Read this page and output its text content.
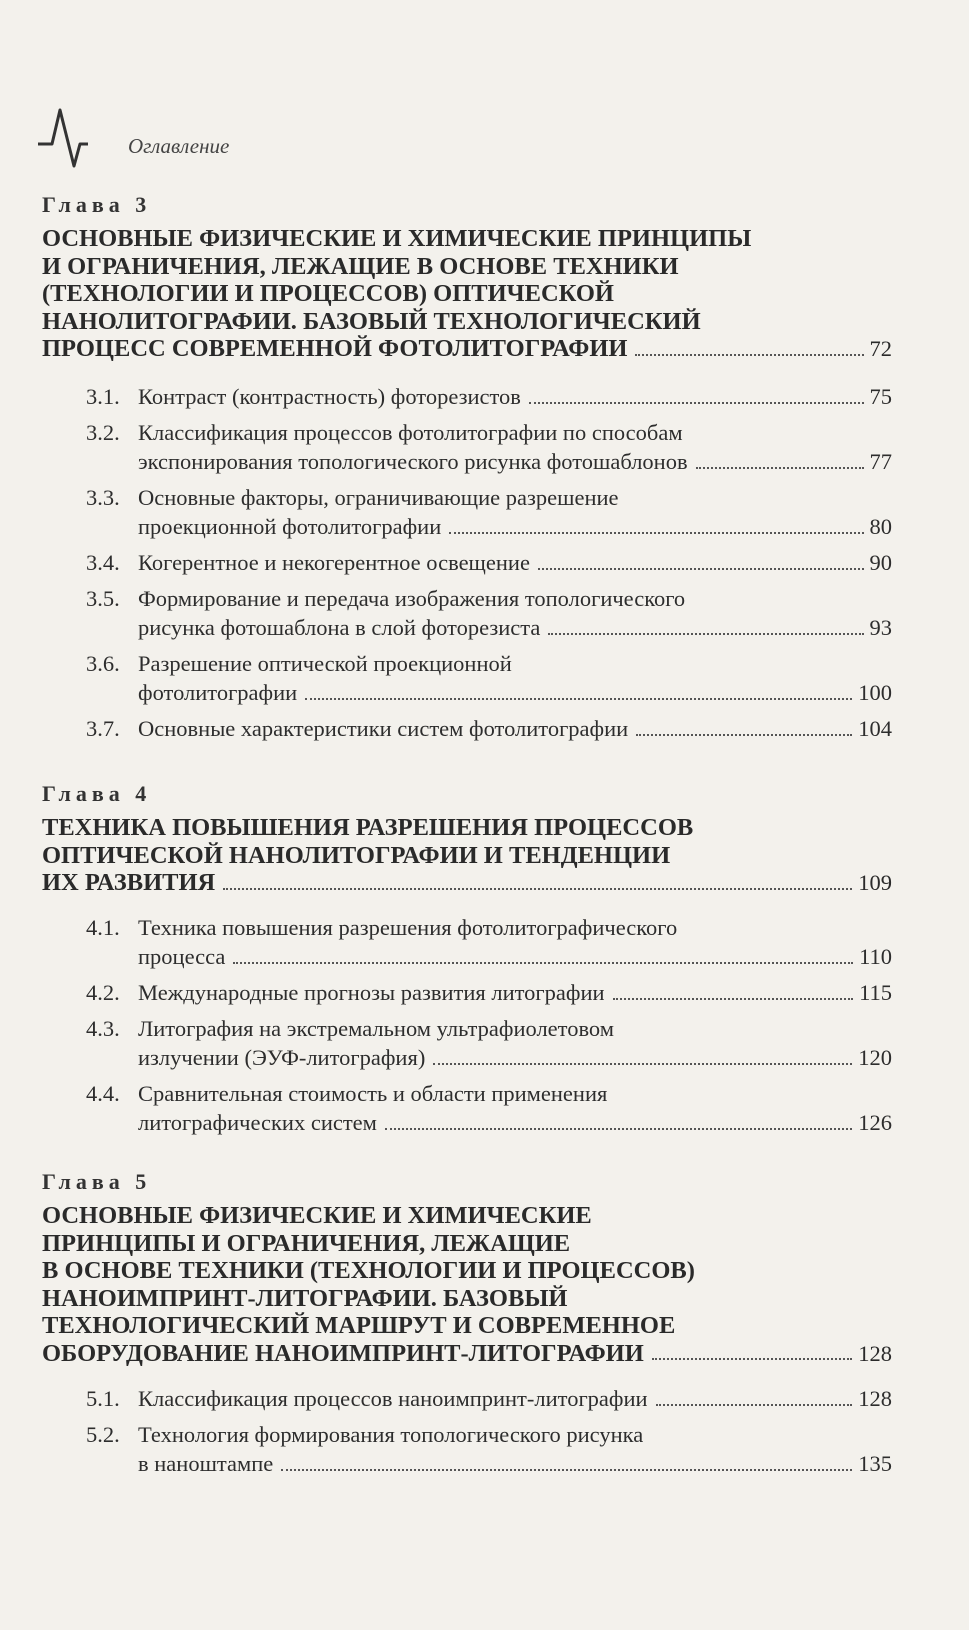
Оглавление
Глава 3
ОСНОВНЫЕ ФИЗИЧЕСКИЕ И ХИМИЧЕСКИЕ ПРИНЦИПЫ
И ОГРАНИЧЕНИЯ, ЛЕЖАЩИЕ В ОСНОВЕ ТЕХНИКИ
(ТЕХНОЛОГИИ И ПРОЦЕССОВ) ОПТИЧЕСКОЙ
НАНОЛИТОГРАФИИ. БАЗОВЫЙ ТЕХНОЛОГИЧЕСКИЙ
ПРОЦЕСС СОВРЕМЕННОЙ ФОТОЛИТОГРАФИИ	72
3.1. Контраст (контрастность) фоторезистов	75
3.2. Классификация процессов фотолитографии по способам
экспонирования топологического рисунка фотошаблонов	77
3.3. Основные факторы, ограничивающие разрешение
проекционной фотолитографии	80
3.4. Когерентное и некогерентное освещение	90
3.5. Формирование и передача изображения топологического
рисунка фотошаблона в слой фоторезиста	93
3.6. Разрешение оптической проекционной
фотолитографии	100
3.7. Основные характеристики систем фотолитографии	104
Глава 4
ТЕХНИКА ПОВЫШЕНИЯ РАЗРЕШЕНИЯ ПРОЦЕССОВ
ОПТИЧЕСКОЙ НАНОЛИТОГРАФИИ И ТЕНДЕНЦИИ
ИХ РАЗВИТИЯ	109
4.1. Техника повышения разрешения фотолитографического
процесса	110
4.2. Международные прогнозы развития литографии	115
4.3. Литография на экстремальном ультрафиолетовом
излучении (ЭУФ-литография)	120
4.4. Сравнительная стоимость и области применения
литографических систем	126
Глава 5
ОСНОВНЫЕ ФИЗИЧЕСКИЕ И ХИМИЧЕСКИЕ
ПРИНЦИПЫ И ОГРАНИЧЕНИЯ, ЛЕЖАЩИЕ
В ОСНОВЕ ТЕХНИКИ (ТЕХНОЛОГИИ И ПРОЦЕССОВ)
НАНОИМПРИНТ-ЛИТОГРАФИИ. БАЗОВЫЙ
ТЕХНОЛОГИЧЕСКИЙ МАРШРУТ И СОВРЕМЕННОЕ
ОБОРУДОВАНИЕ НАНОИМПРИНТ-ЛИТОГРАФИИ	128
5.1. Классификация процессов наноимпринт-литографии	128
5.2. Технология формирования топологического рисунка
в наноштампе	135
